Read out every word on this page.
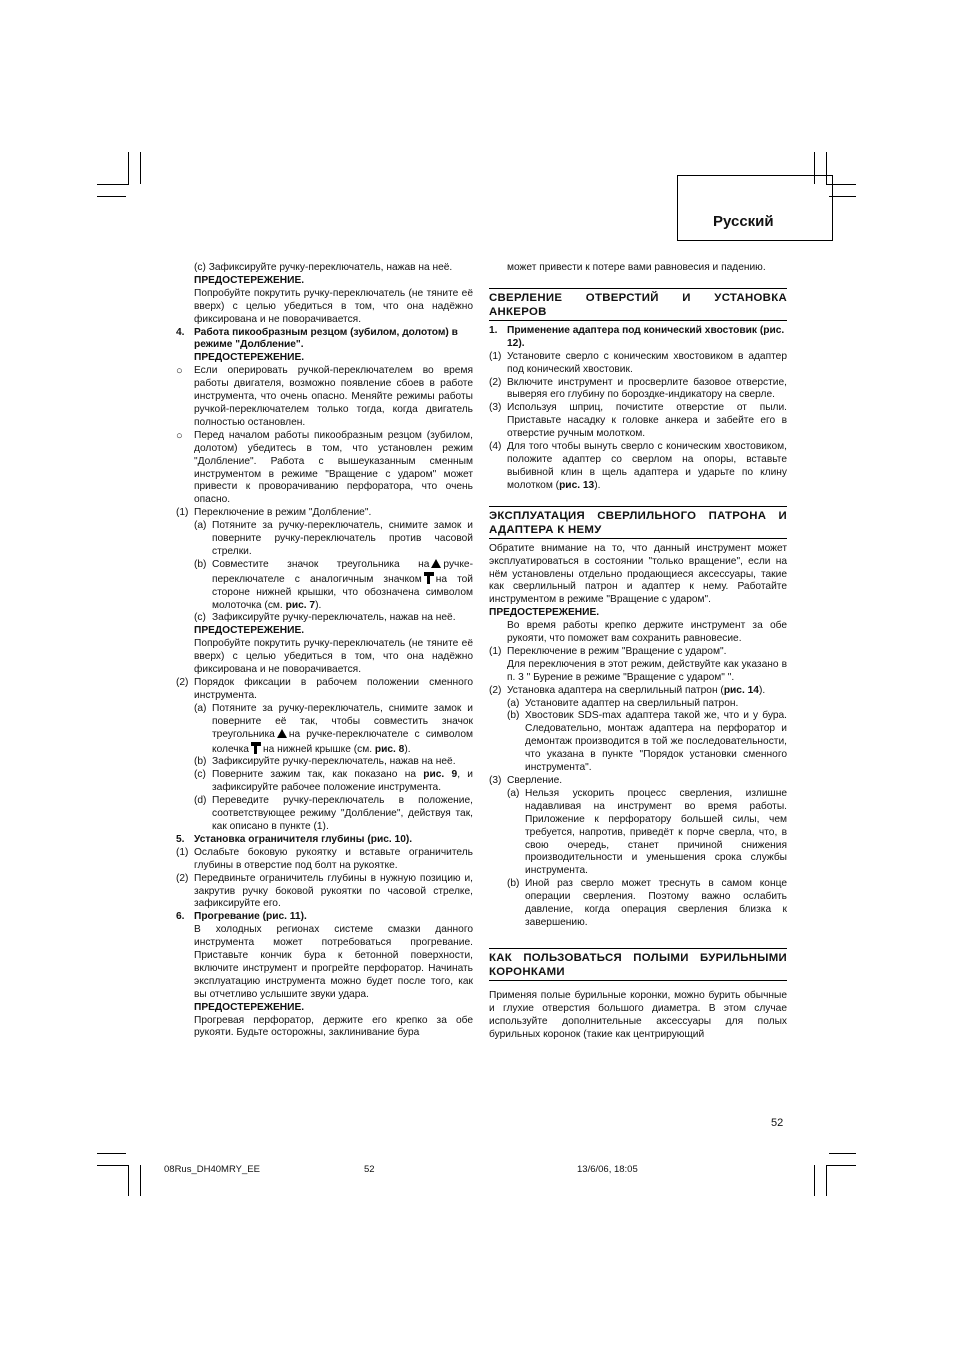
Русский

(c) Зафиксируйте ручку-переключатель, нажав на неё.

ПРЕДОСТЕРЕЖЕНИЕ.

Попробуйте покрутить ручку-переключатель (не тяните её вверх) с целью убедиться в том, что она надёжно фиксирована и не поворачивается.

4. Работа пикообразным резцом (зубилом, долотом) в режиме "Долбление".

ПРЕДОСТЕРЕЖЕНИЕ.

○	Если оперировать ручкой-переключателем во время работы двигателя, возможно появление сбоев в работе инструмента, что очень опасно. Меняйте режимы работы ручкой-переключателем только тогда, когда двигатель полностью остановлен.
○	Перед началом работы пикообразным резцом (зубилом, долотом) убедитесь в том, что установлен режим "Долбление". Работа с вышеуказанным сменным инструментом в режиме "Вращение с ударом" может привести к проворачиванию перфоратора, что очень опасно.
(1) Переключение в режим "Долбление".
(a) Потяните за ручку-переключатель, снимите замок и поверните ручку-переключатель против часовой стрелки.
(b) Совместите значок треугольника на ручке-переключателе с аналогичным значком на той стороне нижней крышки, что обозначена символом молоточка (см. рис. 7).
(c) Зафиксируйте ручку-переключатель, нажав на неё.

ПРЕДОСТЕРЕЖЕНИЕ.

Попробуйте покрутить ручку-переключатель (не тяните её вверх) с целью убедиться в том, что она надёжно фиксирована и не поворачивается.

(2) Порядок фиксации в рабочем положении сменного инструмента.
(a) Потяните за ручку-переключатель, снимите замок и поверните её так, чтобы совместить значок треугольника на ручке-переключателе с символом колечка на нижней крышке (см. рис. 8).
(b) Зафиксируйте ручку-переключатель, нажав на неё.
(c) Поверните зажим так, как показано на рис. 9, и зафиксируйте рабочее положение инструмента.
(d) Переведите ручку-переключатель в положение, соответствующее режиму "Долбление", действуя так, как описано в пункте (1).
5. Установка ограничителя глубины (рис. 10).
(1) Ослабьте боковую рукоятку и вставьте ограничитель глубины в отверстие под болт на рукоятке.
(2) Передвиньте ограничитель глубины в нужную позицию и, закрутив ручку боковой рукоятки по часовой стрелке, зафиксируйте его.
6. Прогревание (рис. 11).

В холодных регионах системе смазки данного инструмента может потребоваться прогревание. Приставьте кончик бура к бетонной поверхности, включите инструмент и прогрейте перфоратор. Начинать эксплуатацию инструмента можно будет после того, как вы отчетливо услышите звуки удара.

ПРЕДОСТЕРЕЖЕНИЕ.

Прогревая перфоратор, держите его крепко за обе рукояти. Будьте осторожны, заклинивание бура

может привести к потере вами равновесия и падению.

СВЕРЛЕНИЕ ОТВЕРСТИЙ И УСТАНОВКА АНКЕРОВ
1. Применение адаптера под конический хвостовик (рис. 12).
(1) Установите сверло с коническим хвостовиком в адаптер под конический хвостовик.
(2) Включите инструмент и просверлите базовое отверстие, выверяя его глубину по бороздке-индикатору на сверле.
(3) Используя шприц, почистите отверстие от пыли. Приставьте насадку к головке анкера и забейте его в отверстие ручным молотком.
(4) Для того чтобы вынуть сверло с коническим хвостовиком, положите адаптер со сверлом на опоры, вставьте выбивной клин в щель адаптера и ударьте по клину молотком (рис. 13).
ЭКСПЛУАТАЦИЯ СВЕРЛИЛЬНОГО ПАТРОНА И АДАПТЕРА К НЕМУ

Обратите внимание на то, что данный инструмент может эксплуатироваться в состоянии "только вращение", если на нём установлены отдельно продающиеся аксессуары, такие как сверлильный патрон и адаптер к нему. Работайте инструментом в режиме "Вращение с ударом".

ПРЕДОСТЕРЕЖЕНИЕ.

Во время работы крепко держите инструмент за обе рукояти, что поможет вам сохранить равновесие.

(1) Переключение в режим "Вращение с ударом".

Для переключения в этот режим, действуйте как указано в п. 3 " Бурение в режиме "Вращение с ударом" ".

(2) Установка адаптера на сверлильный патрон (рис. 14).
(a) Установите адаптер на сверлильный патрон.
(b) Хвостовик SDS-max адаптера такой же, что и у бура. Следовательно, монтаж адаптера на перфоратор и демонтаж производится в той же последовательности, что указана в пункте "Порядок установки сменного инструмента".
(3) Сверление.
(a) Нельзя ускорить процесс сверления, излишне надавливая на инструмент во время работы. Приложение к перфоратору большей силы, чем требуется, напротив, приведёт к порче сверла, что, в свою очередь, станет причиной снижения производительности и уменьшения срока службы инструмента.
(b) Иной раз сверло может треснуть в самом конце операции сверления. Поэтому важно ослабить давление, когда операция сверления близка к завершению.
КАК ПОЛЬЗОВАТЬСЯ ПОЛЫМИ БУРИЛЬНЫМИ КОРОНКАМИ

Применяя полые бурильные коронки, можно бурить обычные и глухие отверстия большого диаметра. В этом случае используйте дополнительные аксессуары для полых бурильных коронок (такие как центрирующий

52
08Rus_DH40MRY_EE	52	13/6/06, 18:05
